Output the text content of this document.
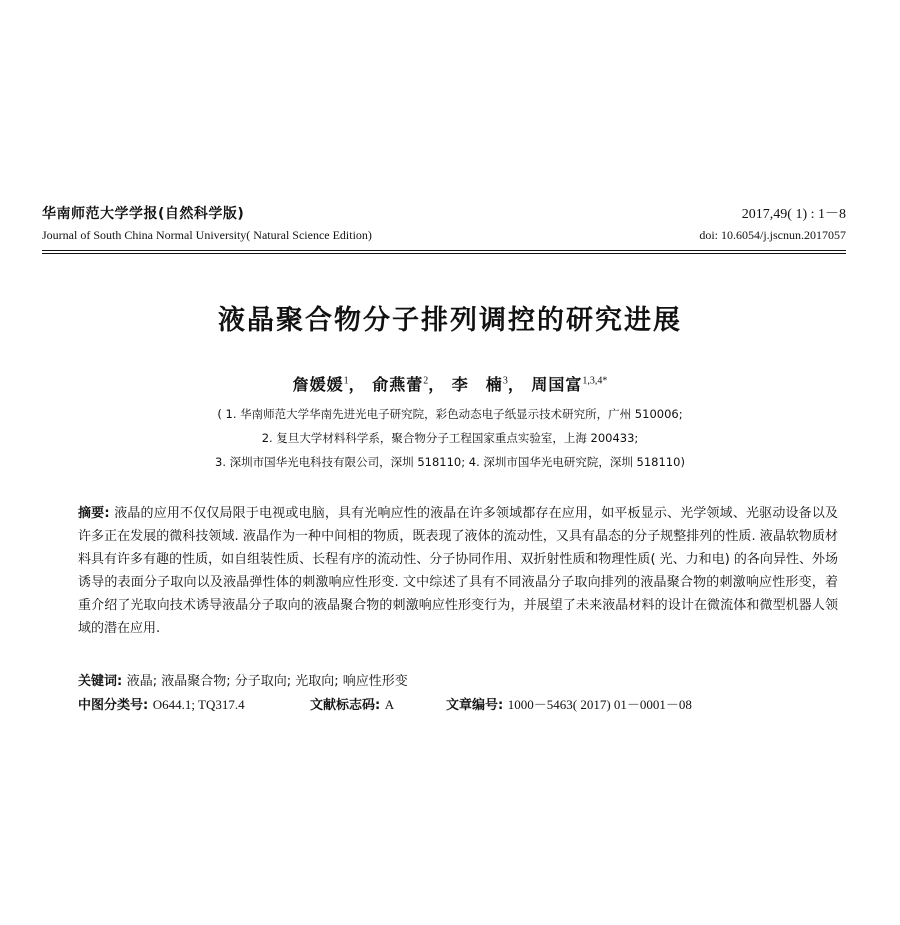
华南师范大学学报(自然科学版)	2017,49( 1) : 1－8
Journal of South China Normal University( Natural Science Edition)	doi: 10.6054/j.jscnun.2017057
液晶聚合物分子排列调控的研究进展
詹媛媛$^1$， 俞燕蕾$^2$， 李　楠$^3$， 周国富$^{1,3,4*}$
( 1. 华南师范大学华南先进光电子研究院，彩色动态电子纸显示技术研究所，广州 510006;
2. 复旦大学材料科学系，聚合物分子工程国家重点实验室，上海 200433;
3. 深圳市国华光电科技有限公司，深圳 518110; 4. 深圳市国华光电研究院，深圳 518110)
摘要: 液晶的应用不仅仅局限于电视或电脑，具有光响应性的液晶在许多领域都存在应用，如平板显示、光学领域、光驱动设备以及许多正在发展的微科技领域. 液晶作为一种中间相的物质，既表现了液体的流动性，又具有晶态的分子规整排列的性质. 液晶软物质材料具有许多有趣的性质，如自组装性质、长程有序的流动性、分子协同作用、双折射性质和物理性质( 光、力和电) 的各向异性、外场诱导的表面分子取向以及液晶弹性体的刺激响应性形变. 文中综述了具有不同液晶分子取向排列的液晶聚合物的刺激响应性形变，着重介绍了光取向技术诱导液晶分子取向的液晶聚合物的刺激响应性形变行为，并展望了未来液晶材料的设计在微流体和微型机器人领域的潜在应用.
关键词: 液晶; 液晶聚合物; 分子取向; 光取向; 响应性形变
中图分类号: O644.1; TQ317.4	文献标志码: A	文章编号: 1000－5463( 2017) 01－0001－08
